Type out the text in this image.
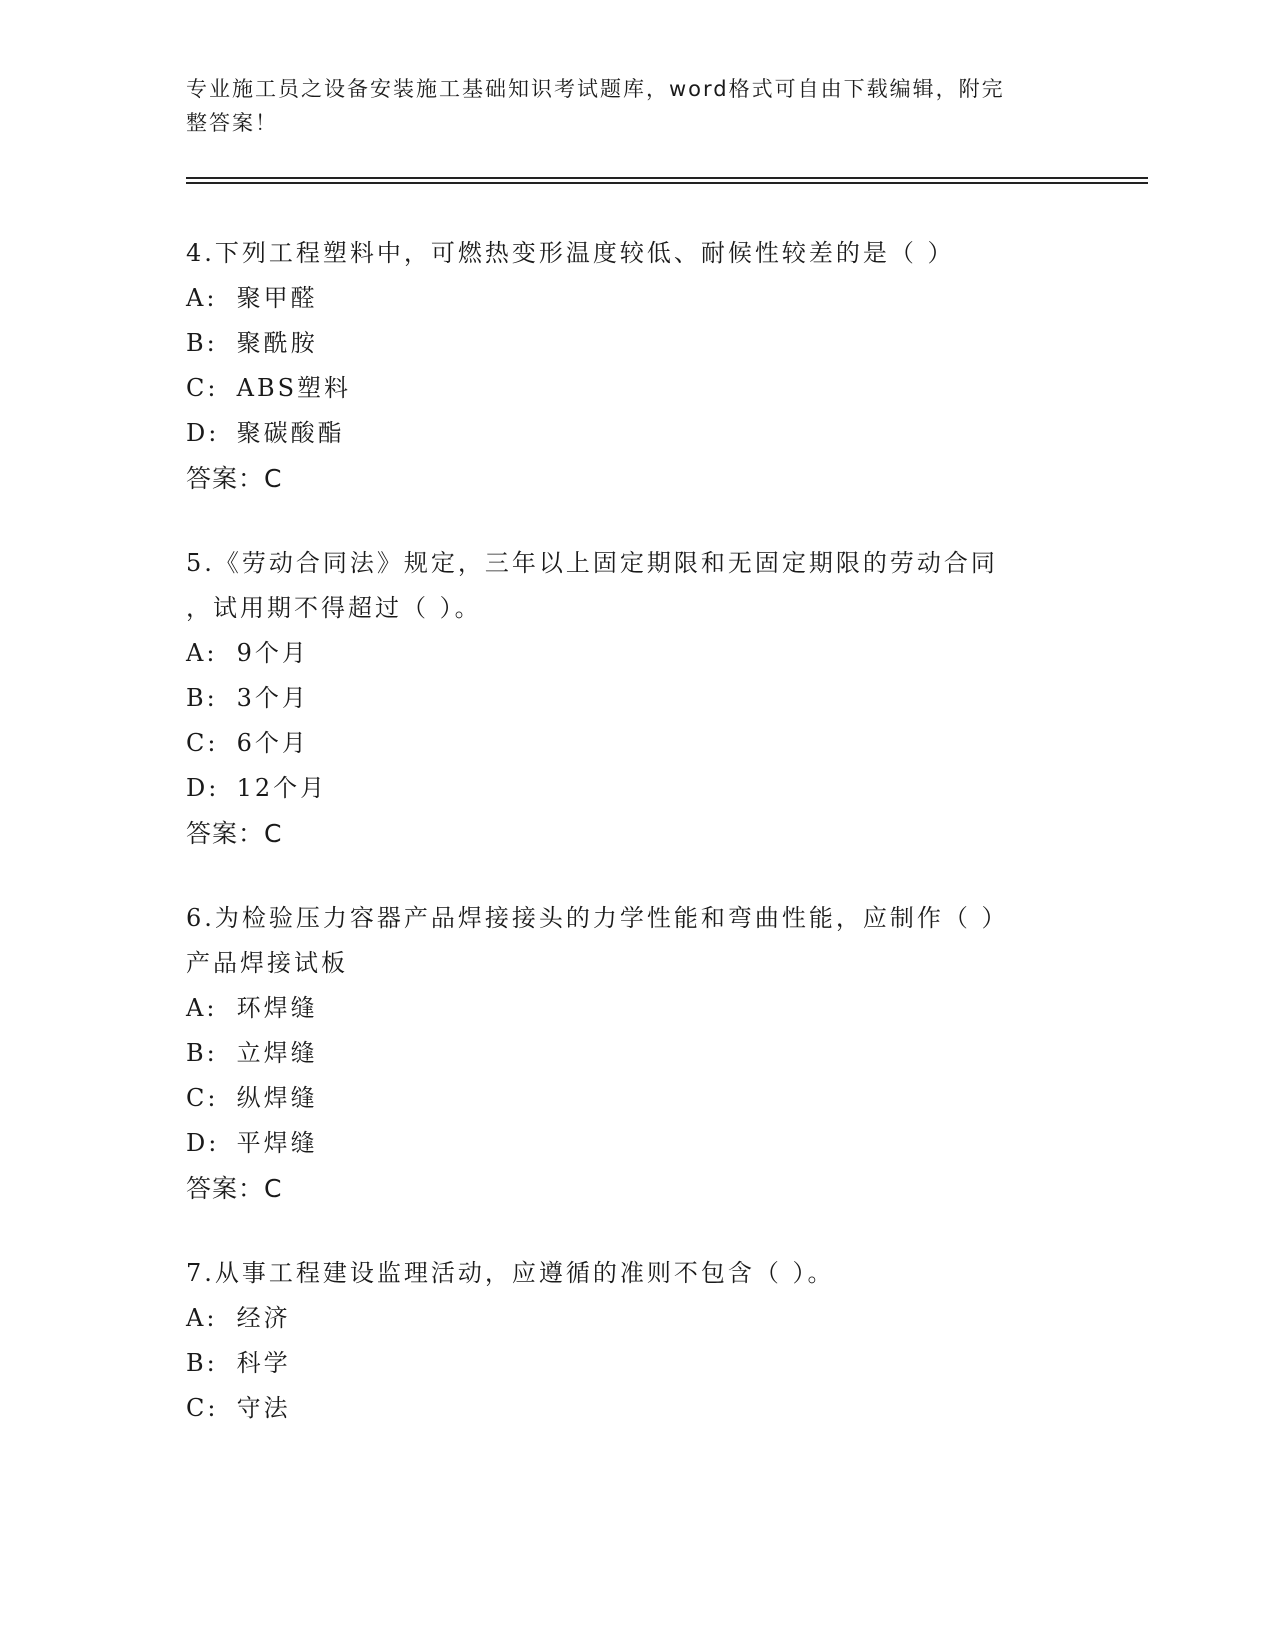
专业施工员之设备安装施工基础知识考试题库，word格式可自由下载编辑，附完
整答案！
4.下列工程塑料中，可燃热变形温度较低、耐候性较差的是（ ）
A: 聚甲醛
B: 聚酰胺
C: ABS塑料
D: 聚碳酸酯
答案：C
5.《劳动合同法》规定，三年以上固定期限和无固定期限的劳动合同
，试用期不得超过（ ）。
A: 9个月
B: 3个月
C: 6个月
D: 12个月
答案：C
6.为检验压力容器产品焊接接头的力学性能和弯曲性能，应制作（ ）
产品焊接试板
A: 环焊缝
B: 立焊缝
C: 纵焊缝
D: 平焊缝
答案：C
7.从事工程建设监理活动，应遵循的准则不包含（ ）。
A: 经济
B: 科学
C: 守法
